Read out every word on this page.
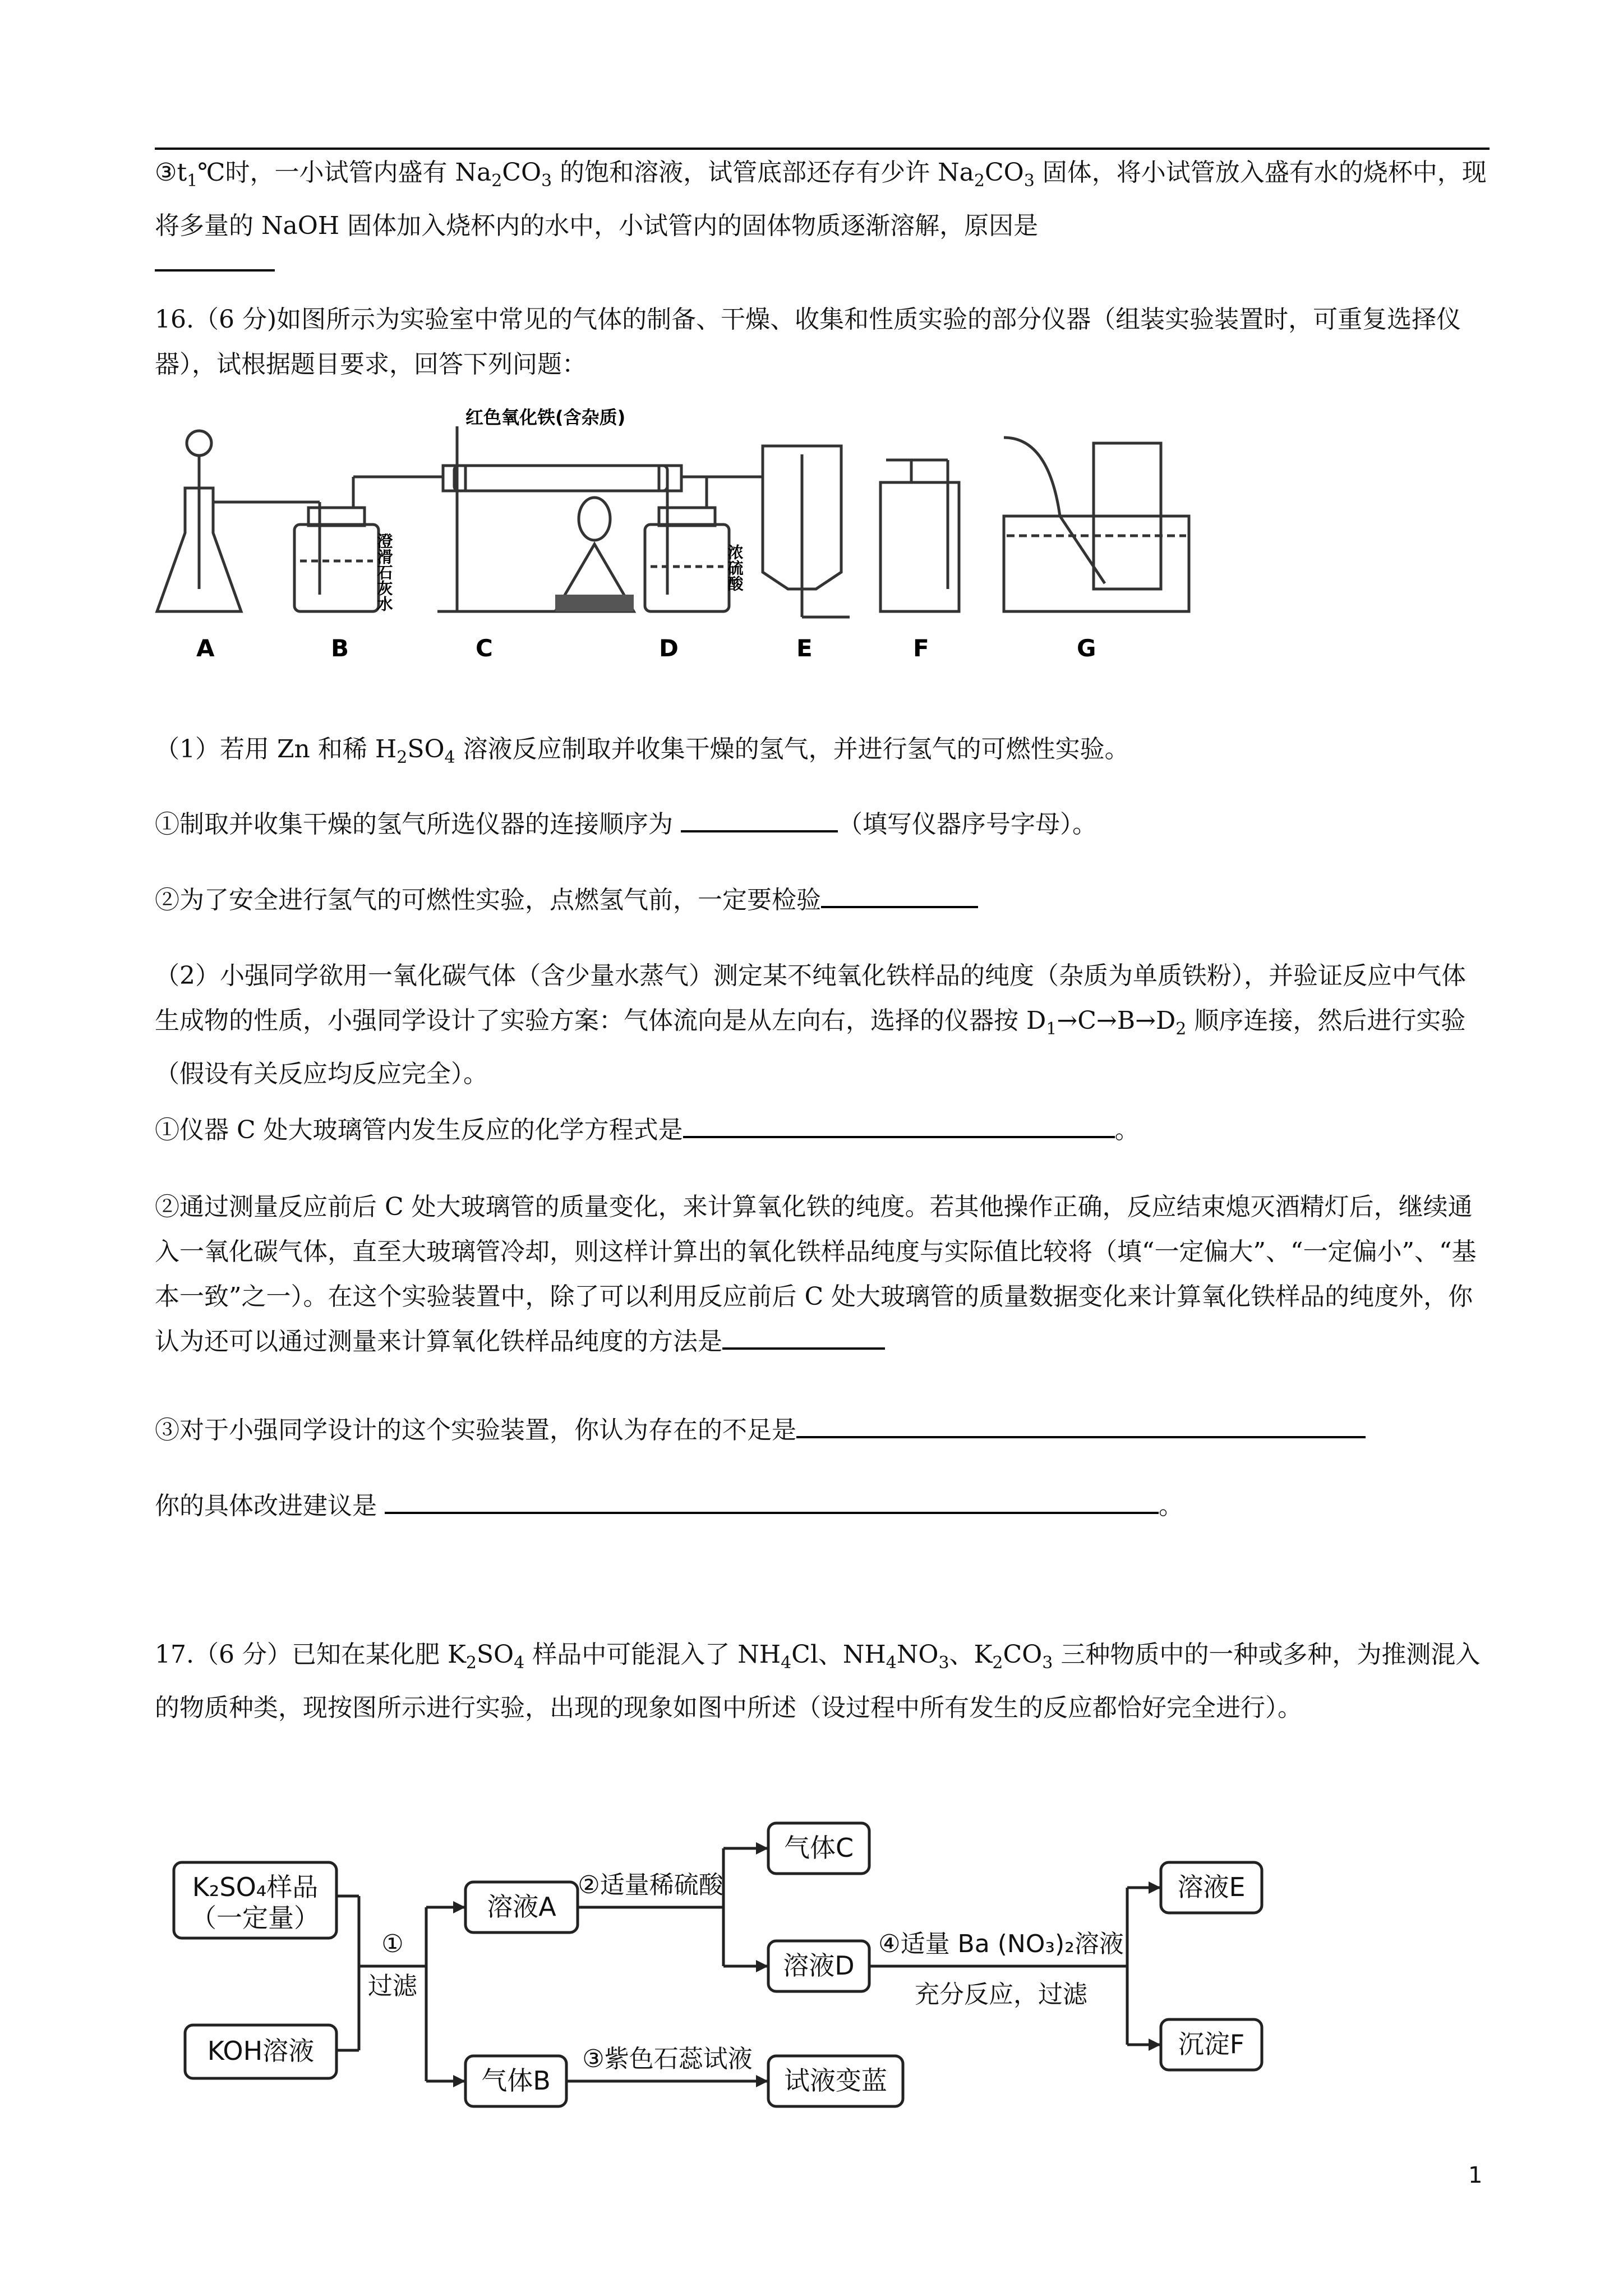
$③t_1℃$时，一小试管内盛有 $Na_2CO_3$ 的饱和溶液，试管底部还存有少许 $Na_2CO_3$ 固体，将小试管放入盛有水的烧杯中，现将多量的 NaOH 固体加入烧杯内的水中，小试管内的固体物质逐渐溶解，原因是

16.（6 分)如图所示为实验室中常见的气体的制备、干燥、收集和性质实验的部分仪器（组装实验装置时，可重复选择仪器），试根据题目要求，回答下列问题：

红色氧化铁(含杂质)
澄滑石灰水	浓硫酸
A	B	C	D	E	F	G

（1）若用 Zn 和稀 $H_2SO_4$ 溶液反应制取并收集干燥的氢气，并进行氢气的可燃性实验。

①制取并收集干燥的氢气所选仪器的连接顺序为	（填写仪器序号字母）。

②为了安全进行氢气的可燃性实验，点燃氢气前，一定要检验

（2）小强同学欲用一氧化碳气体（含少量水蒸气）测定某不纯氧化铁样品的纯度（杂质为单质铁粉），并验证反应中气体生成物的性质，小强同学设计了实验方案：气体流向是从左向右，选择的仪器按 $D_1\to C\to B\to D_2$ 顺序连接，然后进行实验（假设有关反应均反应完全）。

①仪器 C 处大玻璃管内发生反应的化学方程式是	。

②通过测量反应前后 C 处大玻璃管的质量变化，来计算氧化铁的纯度。若其他操作正确，反应结束熄灭酒精灯后，继续通入一氧化碳气体，直至大玻璃管冷却，则这样计算出的氧化铁样品纯度与实际值比较将（填“一定偏大”、“一定偏小”、“基本一致”之一）。在这个实验装置中，除了可以利用反应前后 C 处大玻璃管的质量数据变化来计算氧化铁样品的纯度外，你认为还可以通过测量来计算氧化铁样品纯度的方法是

③对于小强同学设计的这个实验装置，你认为存在的不足是

你的具体改进建议是	。

17.（6 分）已知在某化肥 $K_2SO_4$ 样品中可能混入了 $NH_4Cl$、$NH_4NO_3$、$K_2CO_3$ 三种物质中的一种或多种，为推测混入的物质种类，现按图所示进行实验，出现的现象如图中所述（设过程中所有发生的反应都恰好完全进行）。

K₂SO₄样品
（一定量）
KOH溶液
①
过滤
溶液A
②适量稀硫酸
气体C
溶液D
④适量 Ba (NO₃)₂溶液
充分反应，过滤
溶液E
沉淀F
气体B
③紫色石蕊试液
试液变蓝
1
